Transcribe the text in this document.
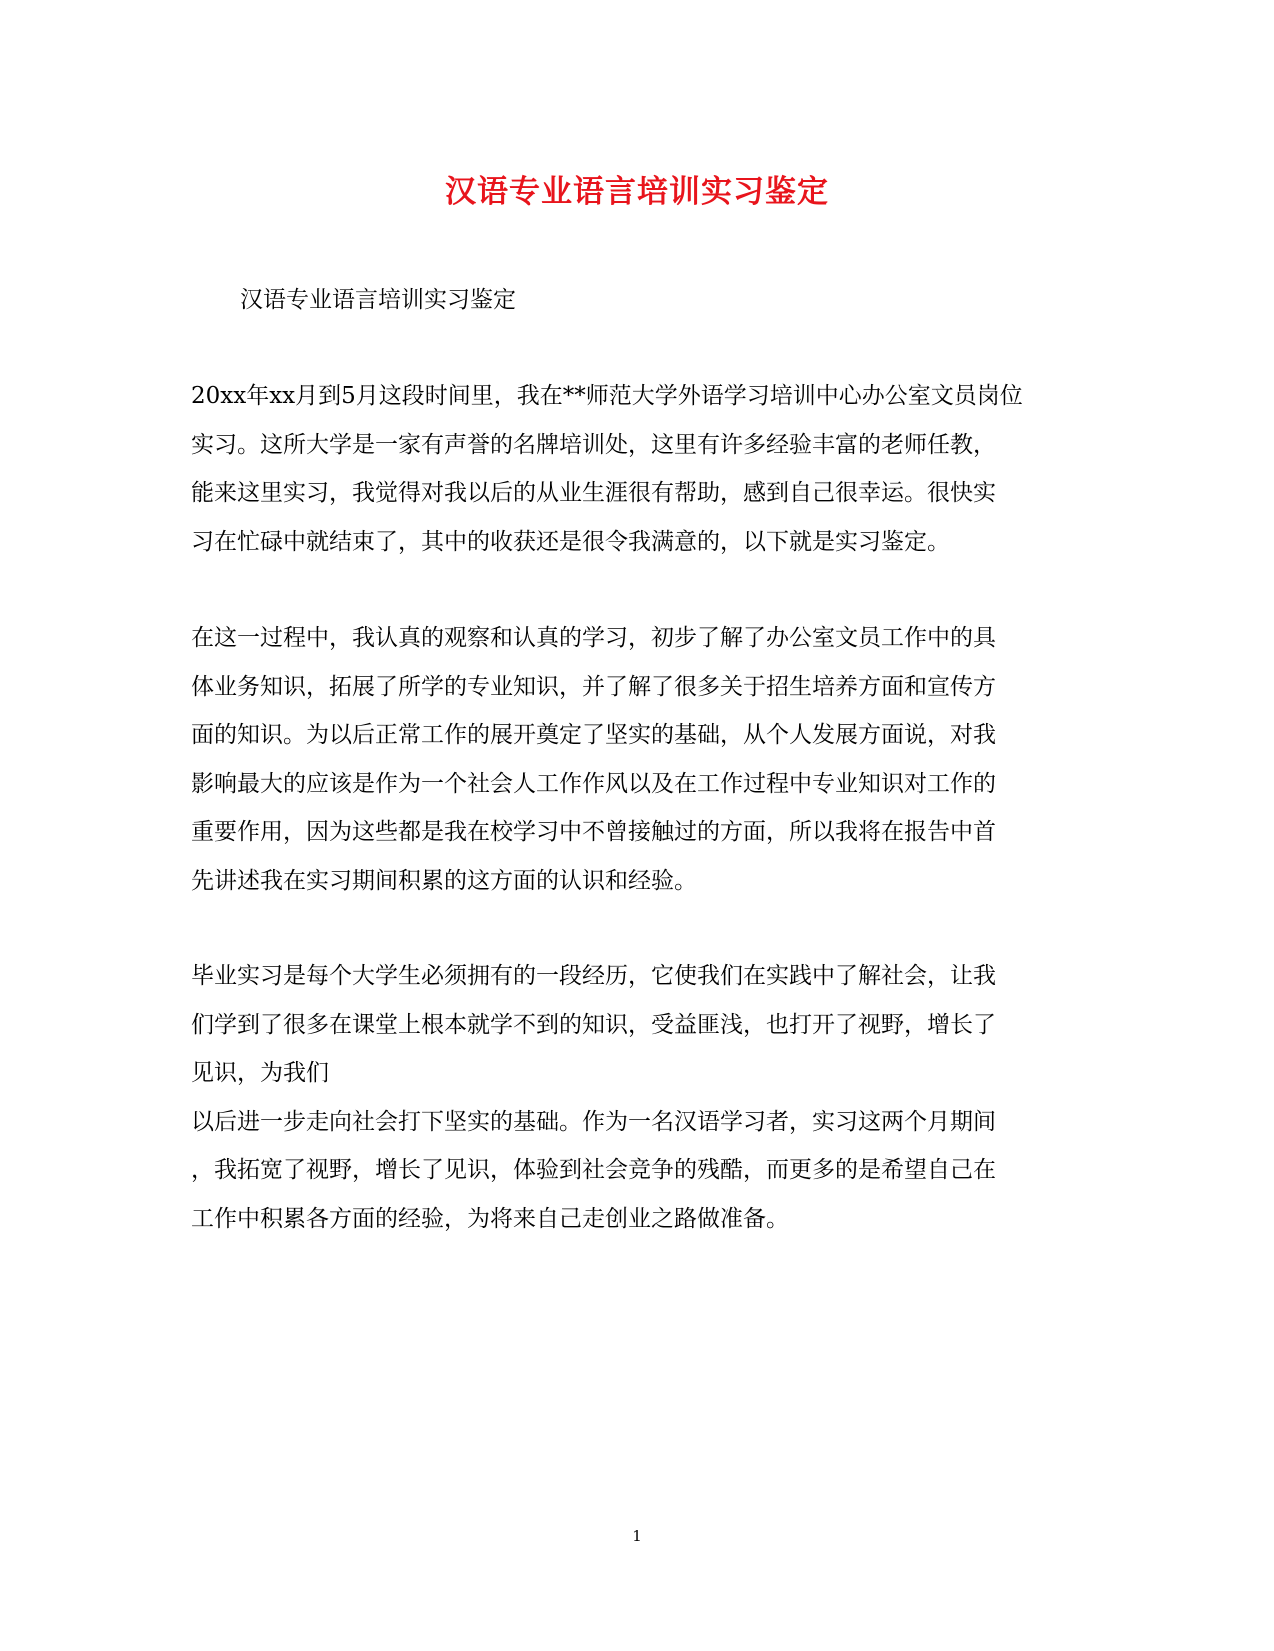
汉语专业语言培训实习鉴定
汉语专业语言培训实习鉴定
20xx年xx月到5月这段时间里，我在**师范大学外语学习培训中心办公室文员岗位
实习。这所大学是一家有声誉的名牌培训处，这里有许多经验丰富的老师任教，
能来这里实习，我觉得对我以后的从业生涯很有帮助，感到自己很幸运。很快实
习在忙碌中就结束了，其中的收获还是很令我满意的，以下就是实习鉴定。
在这一过程中，我认真的观察和认真的学习，初步了解了办公室文员工作中的具
体业务知识，拓展了所学的专业知识，并了解了很多关于招生培养方面和宣传方
面的知识。为以后正常工作的展开奠定了坚实的基础，从个人发展方面说，对我
影响最大的应该是作为一个社会人工作作风以及在工作过程中专业知识对工作的
重要作用，因为这些都是我在校学习中不曾接触过的方面，所以我将在报告中首
先讲述我在实习期间积累的这方面的认识和经验。
毕业实习是每个大学生必须拥有的一段经历，它使我们在实践中了解社会，让我
们学到了很多在课堂上根本就学不到的知识，受益匪浅，也打开了视野，增长了
见识，为我们
以后进一步走向社会打下坚实的基础。作为一名汉语学习者，实习这两个月期间
，我拓宽了视野，增长了见识，体验到社会竞争的残酷，而更多的是希望自己在
工作中积累各方面的经验，为将来自己走创业之路做准备。
1
